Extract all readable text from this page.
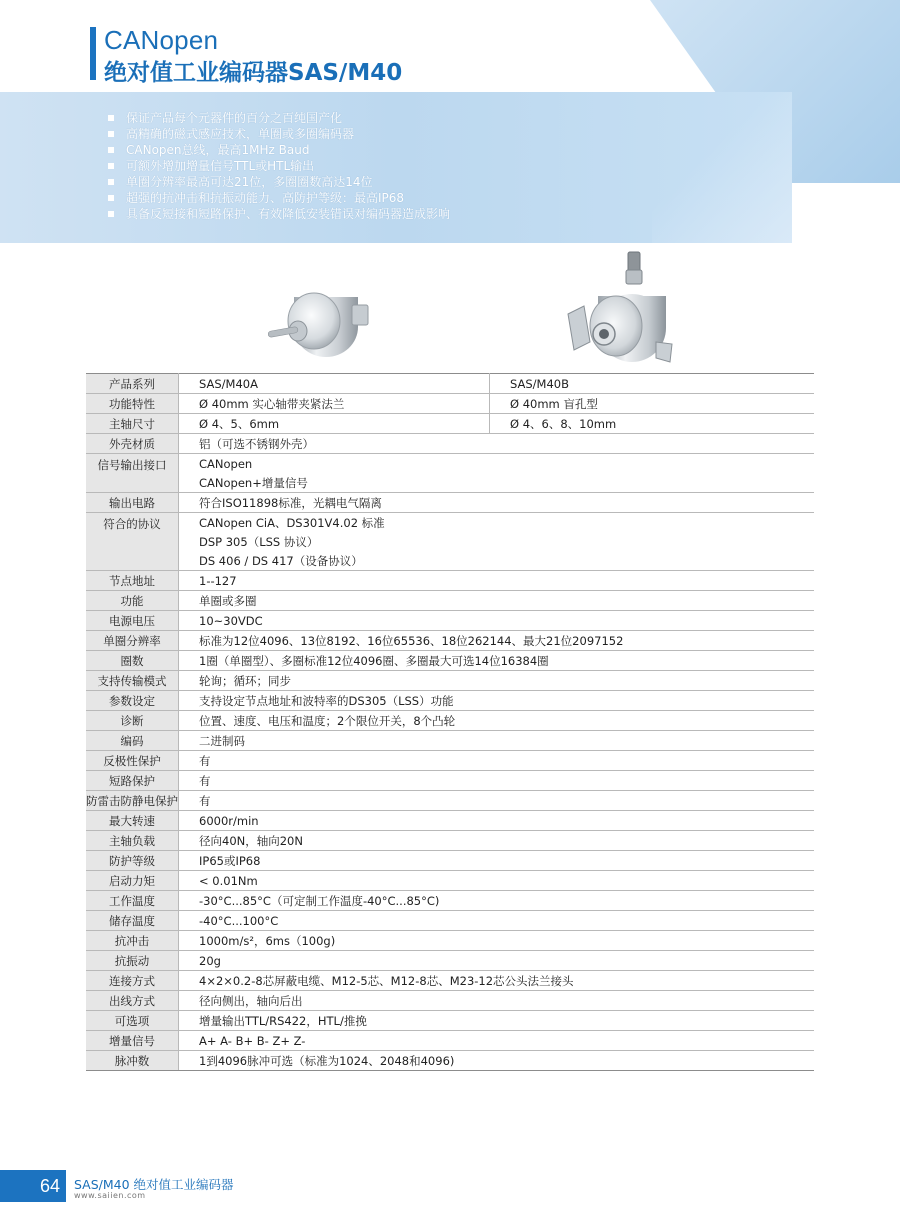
CANopen
绝对值工业编码器SAS/M40
保证产品每个元器件的百分之百纯国产化
高精确的磁式感应技术，单圈或多圈编码器
CANopen总线，最高1MHz Baud
可额外增加增量信号TTL或HTL输出
单圈分辨率最高可达21位，多圈圈数高达14位
超强的抗冲击和抗振动能力、高防护等级：最高IP68
具备反短接和短路保护、有效降低安装错误对编码器造成影响
产品系列	SAS/M40A	SAS/M40B
功能特性	Ø 40mm 实心轴带夹紧法兰	Ø 40mm 盲孔型
主轴尺寸	Ø 4、5、6mm	Ø 4、6、8、10mm
外壳材质	铝（可选不锈钢外壳）	
信号输出接口	CANopen	
	CANopen+增量信号	
输出电路	符合ISO11898标准，光耦电气隔离	
符合的协议	CANopen CiA、DS301V4.02 标准	
	DSP 305（LSS 协议）	
	DS 406 / DS 417（设备协议）	
节点地址	1--127	
功能	单圈或多圈	
电源电压	10~30VDC	
单圈分辨率	标准为12位4096、13位8192、16位65536、18位262144、最大21位2097152	
圈数	1圈（单圈型）、多圈标准12位4096圈、多圈最大可选14位16384圈	
支持传输模式	轮询；循环；同步	
参数设定	支持设定节点地址和波特率的DS305（LSS）功能	
诊断	位置、速度、电压和温度；2个限位开关，8个凸轮	
编码	二进制码	
反极性保护	有	
短路保护	有	
防雷击防静电保护	有	
最大转速	6000r/min	
主轴负载	径向40N，轴向20N	
防护等级	IP65或IP68	
启动力矩	< 0.01Nm	
工作温度	-30°C...85°C（可定制工作温度-40°C...85°C)	
储存温度	-40°C...100°C	
抗冲击	1000m/s²，6ms（100g)	
抗振动	20g	
连接方式	4×2×0.2-8芯屏蔽电缆、M12-5芯、M12-8芯、M23-12芯公头法兰接头	
出线方式	径向侧出，轴向后出	
可选项	增量输出TTL/RS422，HTL/推挽	
增量信号	A+ A- B+ B- Z+ Z-	
脉冲数	1到4096脉冲可选（标准为1024、2048和4096)	
64	SAS/M40 绝对值工业编码器
www.saiien.com
